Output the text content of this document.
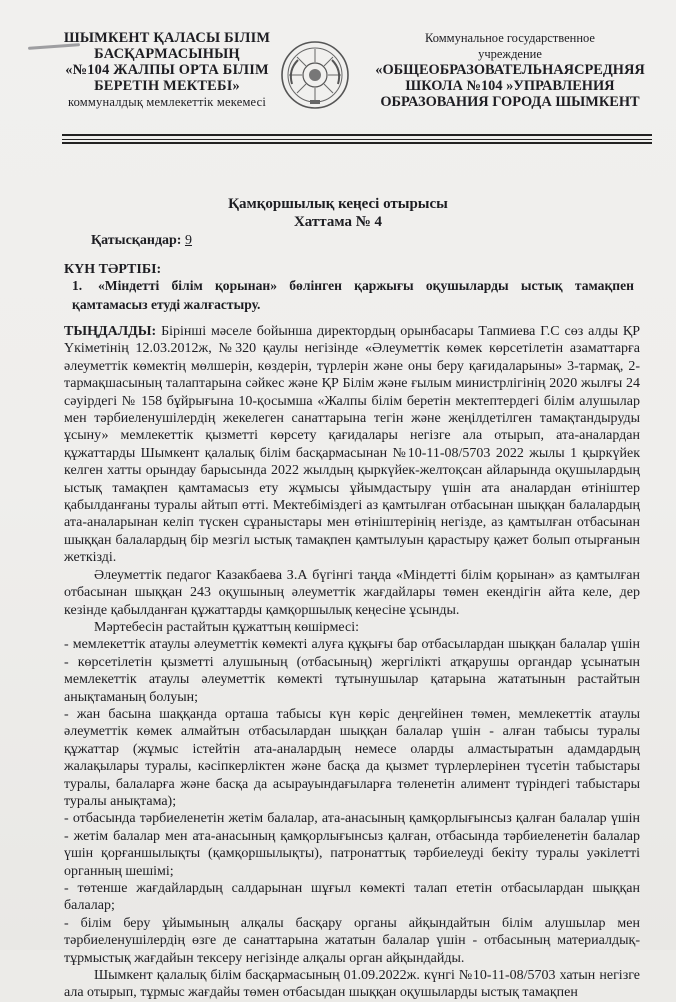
ШЫМКЕНТ ҚАЛАСЫ БІЛІМ
БАСҚАРМАСЫНЫҢ
«№104 ЖАЛПЫ ОРТА БІЛІМ
БЕРЕТІН МЕКТЕБІ»
коммуналдық мемлекеттік мекемесі
Коммунальное государственное
учреждение
«ОБЩЕОБРАЗОВАТЕЛЬНАЯСРЕДНЯЯ
ШКОЛА №104 »УПРАВЛЕНИЯ
ОБРАЗОВАНИЯ ГОРОДА ШЫМКЕНТ
Қамқоршылық кеңесі отырысы
Хаттама № 4
Қатысқандар: 9
КҮН ТӘРТІБІ:
1. «Міндетті білім қорынан» бөлінген қаржығы оқушыларды ыстық тамақпен қамтамасыз етуді жалғастыру.

ТЫҢДАЛДЫ: Бірінші мәселе бойынша директордың орынбасары Тапмиева Г.С сөз алды ҚР Үкіметінің 12.03.2012ж, №320 қаулы негізінде «Әлеуметтік көмек көрсетілетін азаматтарға әлеуметтік көмектің мөлшерін, көздерін, түрлерін және оны беру қағидаларыны» 3-тармақ, 2-тармақшасының талаптарына сәйкес және ҚР Білім және ғылым министрлігінің 2020 жылғы 24 сәуірдегі № 158 бұйрығына 10-қосымша «Жалпы білім беретін мектептердегі білім алушылар мен тәрбиеленушілердің жекелеген санаттарына тегін және жеңілдетілген тамақтандыруды ұсыну» мемлекеттік қызметті көрсету қағидалары негізге ала отырып, ата-аналардан құжаттарды Шымкент қалалық білім басқармасынан №10-11-08/5703 2022 жылы 1 қыркүйек келген хатты орындау барысында 2022 жылдың қыркүйек-желтоқсан айларында оқушылардың ыстық тамақпен қамтамасыз ету жұмысы ұйымдастыру үшін ата аналардан өтініштер қабылданғаны туралы айтып өтті. Мектебіміздегі аз қамтылған отбасынан шыққан балалардың ата-аналарынан келіп түскен сұраныстары мен өтініштерінің негізде, аз қамтылған отбасынан шыққан балалардың бір мезгіл ыстық тамақпен қамтылуын қарастыру қажет болып отырғанын жеткізді.

Әлеуметтік педагог Казакбаева З.А бүгінгі таңда «Міндетті білім қорынан» аз қамтылған отбасынан шыққан 243 оқушының әлеуметтік жағдайлары төмен екендігін айта келе, дер кезінде қабылданған құжаттарды қамқоршылық кеңесіне ұсынды.

Мәртебесін растайтын құжаттың көшірмесі:

- мемлекеттік атаулы әлеуметтік көмекті алуға құқығы бар отбасылардан шыққан балалар үшін - көрсетілетін қызметті алушының (отбасының) жергілікті атқарушы органдар ұсынатын мемлекеттік атаулы әлеуметтік көмекті тұтынушылар қатарына жататынын растайтын анықтаманың болуын;

- жан басына шаққанда орташа табысы күн көріс деңгейінен төмен, мемлекеттік атаулы әлеуметтік көмек алмайтын отбасылардан шыққан балалар үшін - алған табысы туралы құжаттар (жұмыс істейтін ата-аналардың немесе оларды алмастыратын адамдардың жалақылары туралы, кәсіпкерліктен және басқа да қызмет түрлерлерінен түсетін табыстары туралы, балаларға және басқа да асырауындағыларға төленетін алимент түріндегі табыстары туралы анықтама);

- отбасында тәрбиеленетін жетім балалар, ата-анасының қамқорлығынсыз қалған балалар үшін - жетім балалар мен ата-анасының қамқорлығынсыз қалған, отбасында тәрбиеленетін балалар үшін қорғаншылықты (қамқоршылықты), патронаттық тәрбиелеуді бекіту туралы уәкілетті органның шешімі;

- төтенше жағдайлардың салдарынан шұғыл көмекті талап ететін отбасылардан шыққан балалар;

- білім беру ұйымының алқалы басқару органы айқындайтын білім алушылар мен тәрбиеленушілердің өзге де санаттарына жататын балалар үшін - отбасының материалдық-тұрмыстық жағдайын тексеру негізінде алқалы орган айқындайды.

Шымкент қалалық білім басқармасының 01.09.2022ж. күнгі №10-11-08/5703 хатын негізге ала отырып, тұрмыс жағдайы төмен отбасыдан шыққан оқушыларды ыстық тамақпен
